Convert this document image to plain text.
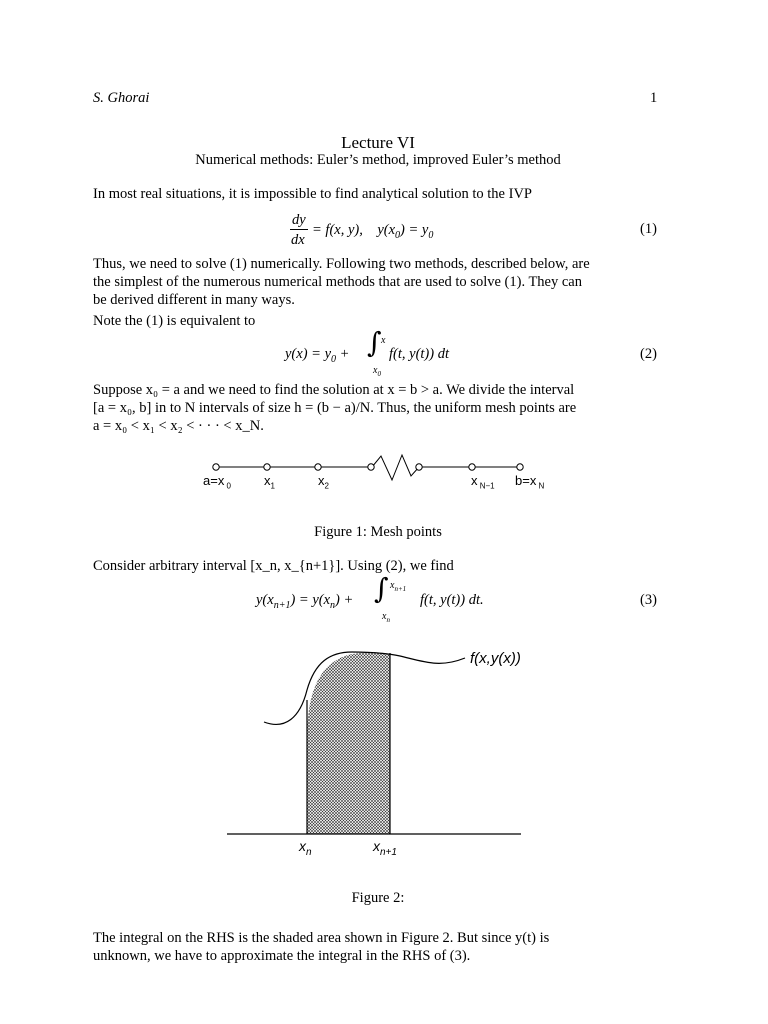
S. Ghorai	1
Lecture VI
Numerical methods: Euler’s method, improved Euler’s method
In most real situations, it is impossible to find analytical solution to the IVP
dy
dx
= f(x, y),    $y(x_0) = y_0$	(1)
Thus, we need to solve (1) numerically. Following two methods, described below, are
the simplest of the numerous numerical methods that are used to solve (1). They can
be derived different in many ways.
Note the (1) is equivalent to
$y(x) = y_0$ + ∫ x
$x_0$
f(t, y(t)) dt	(2)
Suppose x₀ = a and we need to find the solution at x = b > a. We divide the interval
[a = x₀, b] in to N intervals of size h = (b − a)/N. Thus, the uniform mesh points are
a = x₀ < x₁ < x₂ < · · · < x_N.
a=x $_0$	$x_1$	$x_2$	x $_{N-1}$ b=x $_N$
Figure 1: Mesh points
Consider arbitrary interval [x_n, x_{n+1}]. Using (2), we find
$y(x_{n+1}) = y(x_n)$ + ∫ $x_{n+1}$
$x_n$
f(t, y(t)) dt.	(3)
f(x,y(x))
$x_n$	$x_{n+1}$
Figure 2:
The integral on the RHS is the shaded area shown in Figure 2. But since y(t) is
unknown, we have to approximate the integral in the RHS of (3).
